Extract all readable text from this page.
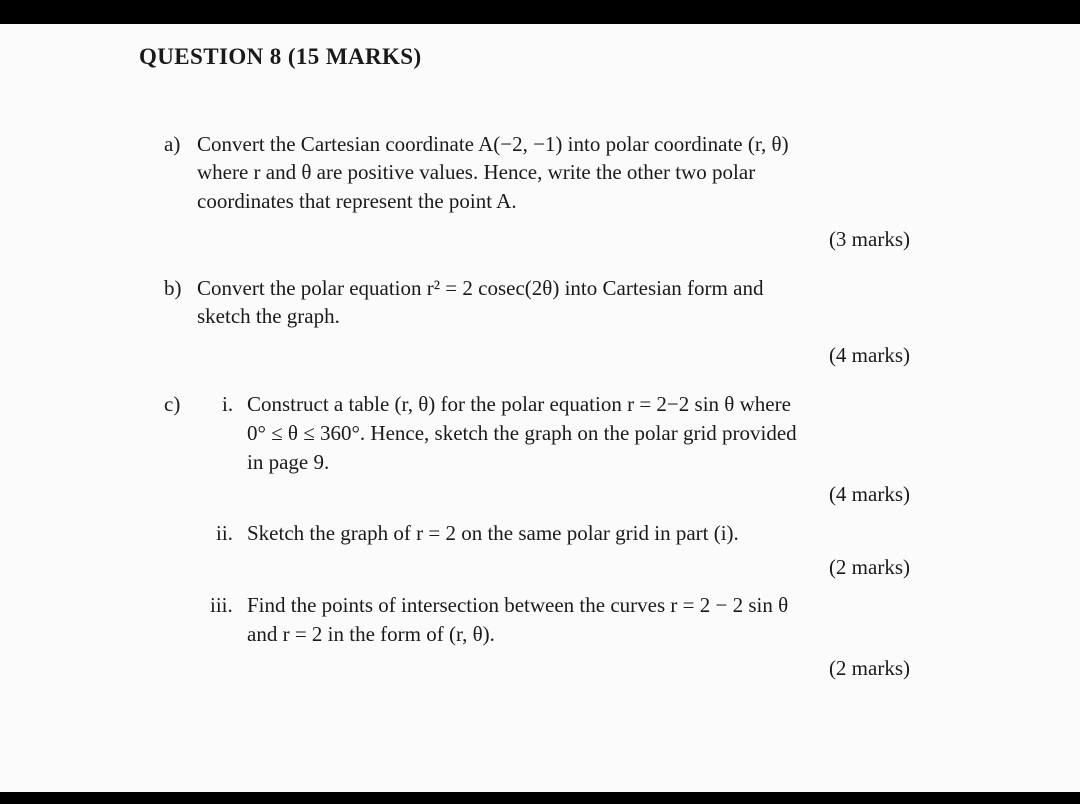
QUESTION 8 (15 MARKS)
a) Convert the Cartesian coordinate A(−2, −1) into polar coordinate (r, θ)
where r and θ are positive values. Hence, write the other two polar
coordinates that represent the point A.
(3 marks)
b) Convert the polar equation r² = 2 cosec(2θ) into Cartesian form and
sketch the graph.
(4 marks)
c) i. Construct a table (r, θ) for the polar equation r = 2−2 sin θ where
0° ≤ θ ≤ 360°. Hence, sketch the graph on the polar grid provided
in page 9.
(4 marks)
ii. Sketch the graph of r = 2 on the same polar grid in part (i).
(2 marks)
iii. Find the points of intersection between the curves r = 2 − 2 sin θ
and r = 2 in the form of (r, θ).
(2 marks)
